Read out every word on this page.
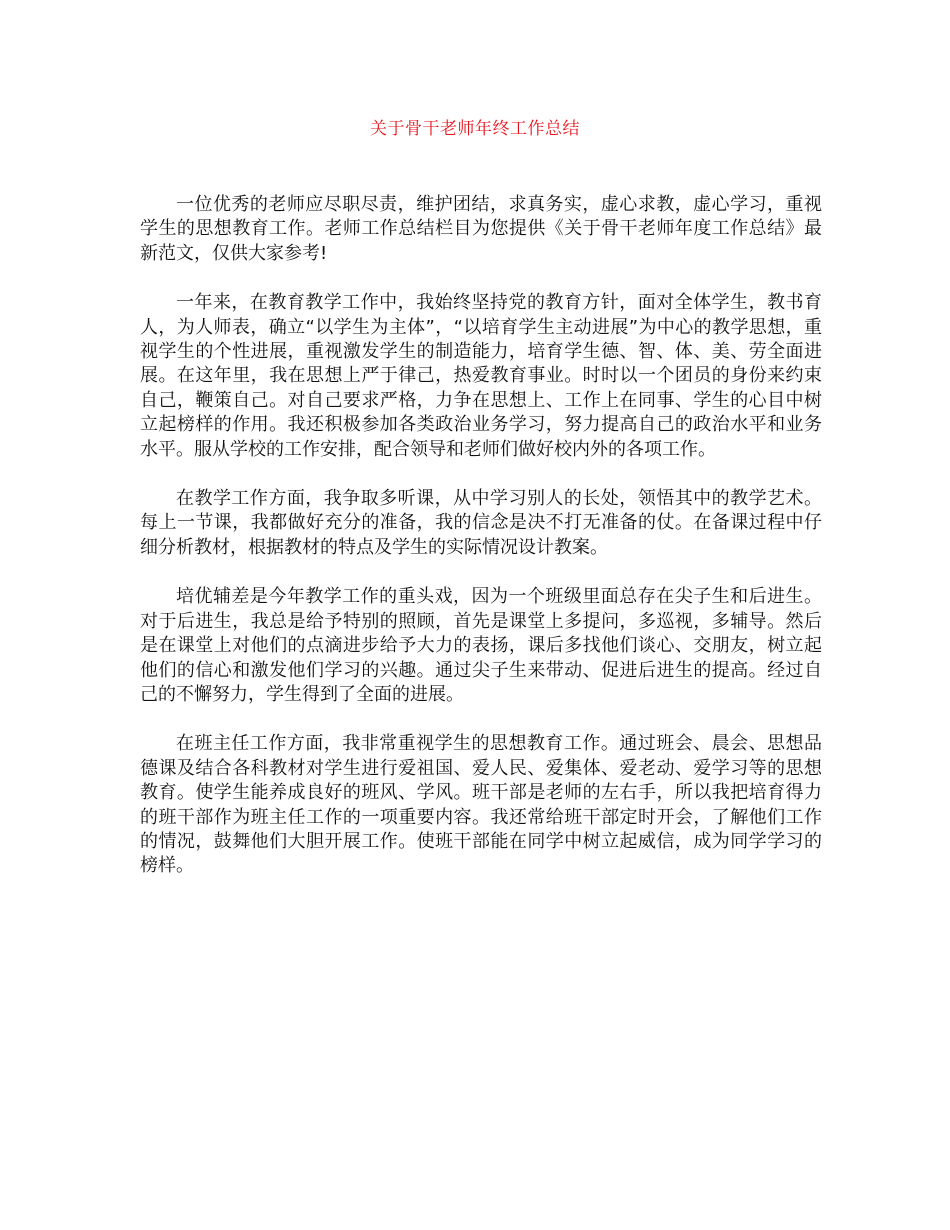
关于骨干老师年终工作总结

一位优秀的老师应尽职尽责，维护团结，求真务实，虚心求教，虚心学习，重视学生的思想教育工作。老师工作总结栏目为您提供《关于骨干老师年度工作总结》最新范文，仅供大家参考!

一年来，在教育教学工作中，我始终坚持党的教育方针，面对全体学生，教书育人，为人师表，确立“以学生为主体”，“以培育学生主动进展”为中心的教学思想，重视学生的个性进展，重视激发学生的制造能力，培育学生德、智、体、美、劳全面进展。在这年里，我在思想上严于律己，热爱教育事业。时时以一个团员的身份来约束自己，鞭策自己。对自己要求严格，力争在思想上、工作上在同事、学生的心目中树立起榜样的作用。我还积极参加各类政治业务学习，努力提高自己的政治水平和业务水平。服从学校的工作安排，配合领导和老师们做好校内外的各项工作。

在教学工作方面，我争取多听课，从中学习别人的长处，领悟其中的教学艺术。每上一节课，我都做好充分的准备，我的信念是决不打无准备的仗。在备课过程中仔细分析教材，根据教材的特点及学生的实际情况设计教案。

培优辅差是今年教学工作的重头戏，因为一个班级里面总存在尖子生和后进生。对于后进生，我总是给予特别的照顾，首先是课堂上多提问，多巡视，多辅导。然后是在课堂上对他们的点滴进步给予大力的表扬，课后多找他们谈心、交朋友，树立起他们的信心和激发他们学习的兴趣。通过尖子生来带动、促进后进生的提高。经过自己的不懈努力，学生得到了全面的进展。

在班主任工作方面，我非常重视学生的思想教育工作。通过班会、晨会、思想品德课及结合各科教材对学生进行爱祖国、爱人民、爱集体、爱老动、爱学习等的思想教育。使学生能养成良好的班风、学风。班干部是老师的左右手，所以我把培育得力的班干部作为班主任工作的一项重要内容。我还常给班干部定时开会，了解他们工作的情况，鼓舞他们大胆开展工作。使班干部能在同学中树立起威信，成为同学学习的榜样。
